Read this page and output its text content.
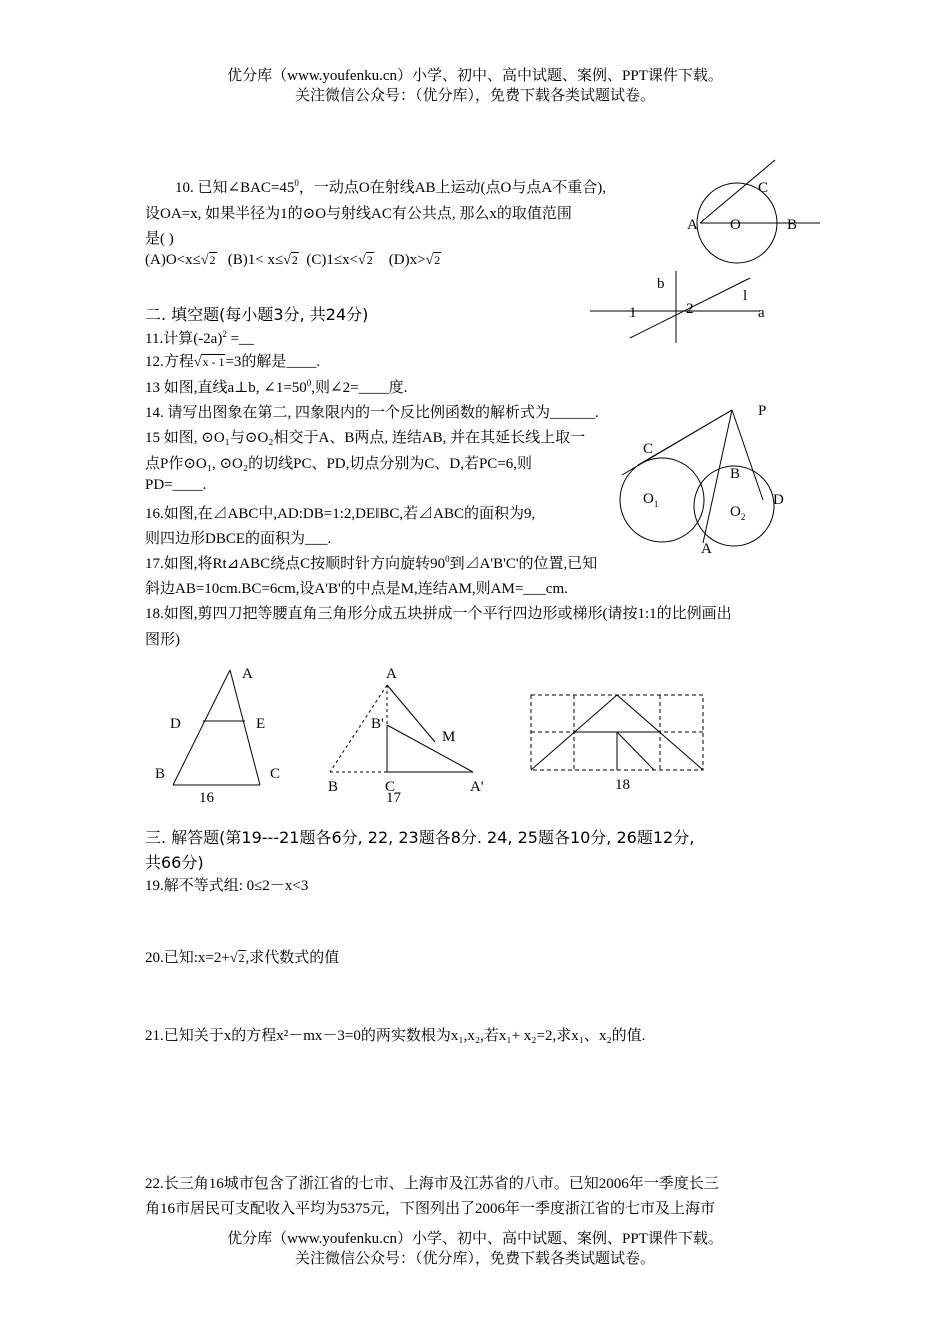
优分库（www.youfenku.cn）小学、初中、高中试题、案例、PPT课件下载。
关注微信公众号：（优分库），免费下载各类试题试卷。
10. 已知$\angle BAC=45^0$，一动点O在射线AB上运动(点O与点A不重合),
设OA=x, 如果半径为1的⊙O与射线AC有公共点, 那么x的取值范围
是( )
(A)O<x≤√2 (B)1< x≤√2 (C)1≤x<√2 (D)x>√2
A O	B
C
二. 填空题(每小题3分, 共24分)
11.计算$(-2a)^2$ =__
12.方程√x - 1=3的解是____.
13 如图,直线a⊥b, $\angle 1=50^0$,则∠2=____度.
b
l
1	2	a
14. 请写出图象在第二, 四象限内的一个反比例函数的解析式为______.
15 如图, ⊙O₁与⊙O₂相交于A、B两点, 连结AB, 并在其延长线上取一
点P作⊙O₁, ⊙O₂的切线PC、PD,切点分别为C、D,若PC=6,则
PD=____.
P
C
B
D
$O_1$	$O_2$
A
16.如图,在⊿ABC中,AD:DB=1:2,DE‖BC,若⊿ABC的面积为9,
则四边形DBCE的面积为___.
17.如图,将Rt⊿ABC绕点C按顺时针方向旋转$90^0$到⊿A'B'C'的位置,已知
斜边AB=10cm.BC=6cm,设A'B'的中点是M,连结AM,则AM=___cm.
18.如图,剪四刀把等腰直角三角形分成五块拼成一个平行四边形或梯形(请按1:1的比例画出
图形)
A
D	E
B	C
16
A
B'
M
B	C	A'
17
18
三. 解答题(第19---21题各6分, 22, 23题各8分. 24, 25题各10分, 26题12分,
共66分)
19.解不等式组: 0≤2－x<3
20.已知:x=2+√2,求代数式的值
21.已知关于x的方程x²－mx－3=0的两实数根为x₁,x₂,若x₁+ x₂=2,求x₁、x₂的值.
22.长三角16城市包含了浙江省的七市、上海市及江苏省的八市。已知2006年一季度长三
角16市居民可支配收入平均为5375元，下图列出了2006年一季度浙江省的七市及上海市
优分库（www.youfenku.cn）小学、初中、高中试题、案例、PPT课件下载。
关注微信公众号：（优分库），免费下载各类试题试卷。
